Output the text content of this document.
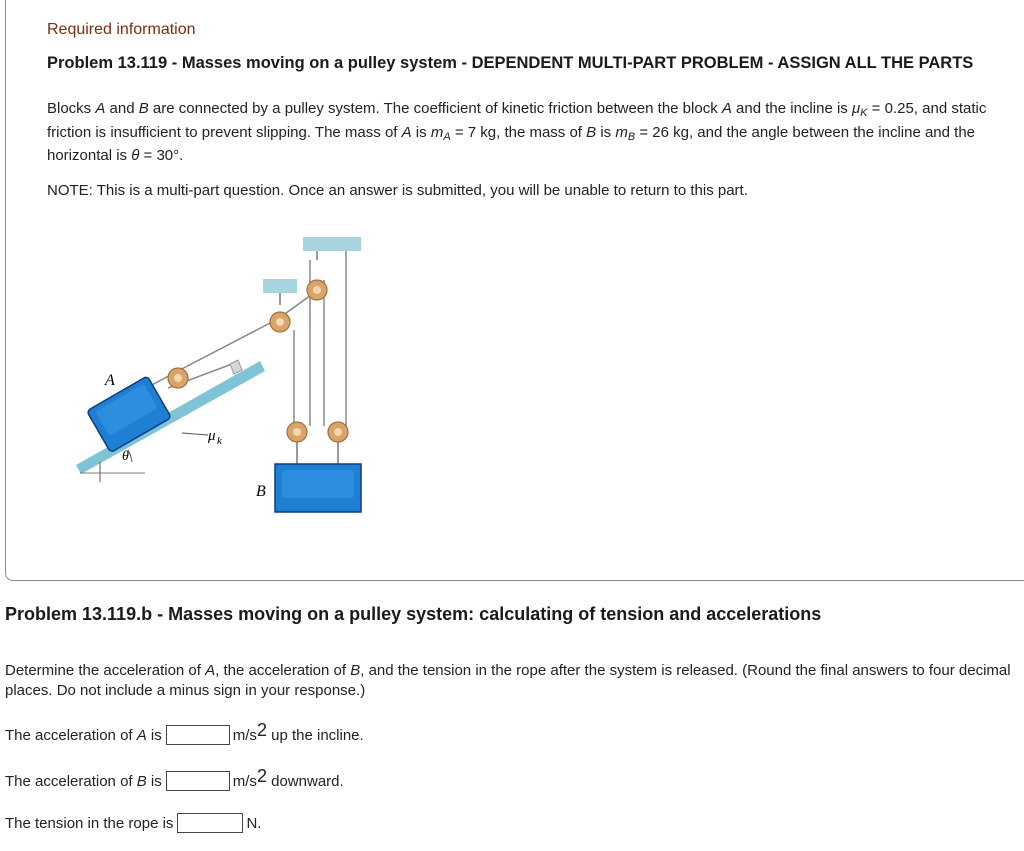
Required information
Problem 13.119 - Masses moving on a pulley system - DEPENDENT MULTI-PART PROBLEM - ASSIGN ALL THE PARTS

Blocks A and B are connected by a pulley system. The coefficient of kinetic friction between the block A and the incline is $\mu_K = 0.25$, and static friction is insufficient to prevent slipping. The mass of A is $m_A = 7$ kg, the mass of B is $m_B = 26$ kg, and the angle between the incline and the horizontal is θ = 30°.

NOTE: This is a multi-part question. Once an answer is submitted, you will be unable to return to this part.

A
B
θ
μ k
Problem 13.119.b - Masses moving on a pulley system: calculating of tension and accelerations

Determine the acceleration of A, the acceleration of B, and the tension in the rope after the system is released. (Round the final answers to four decimal places. Do not include a minus sign in your response.)

The acceleration of A is	$m/s^2$ up the incline.
The acceleration of B is	$m/s^2$ downward.
The tension in the rope is	N.
